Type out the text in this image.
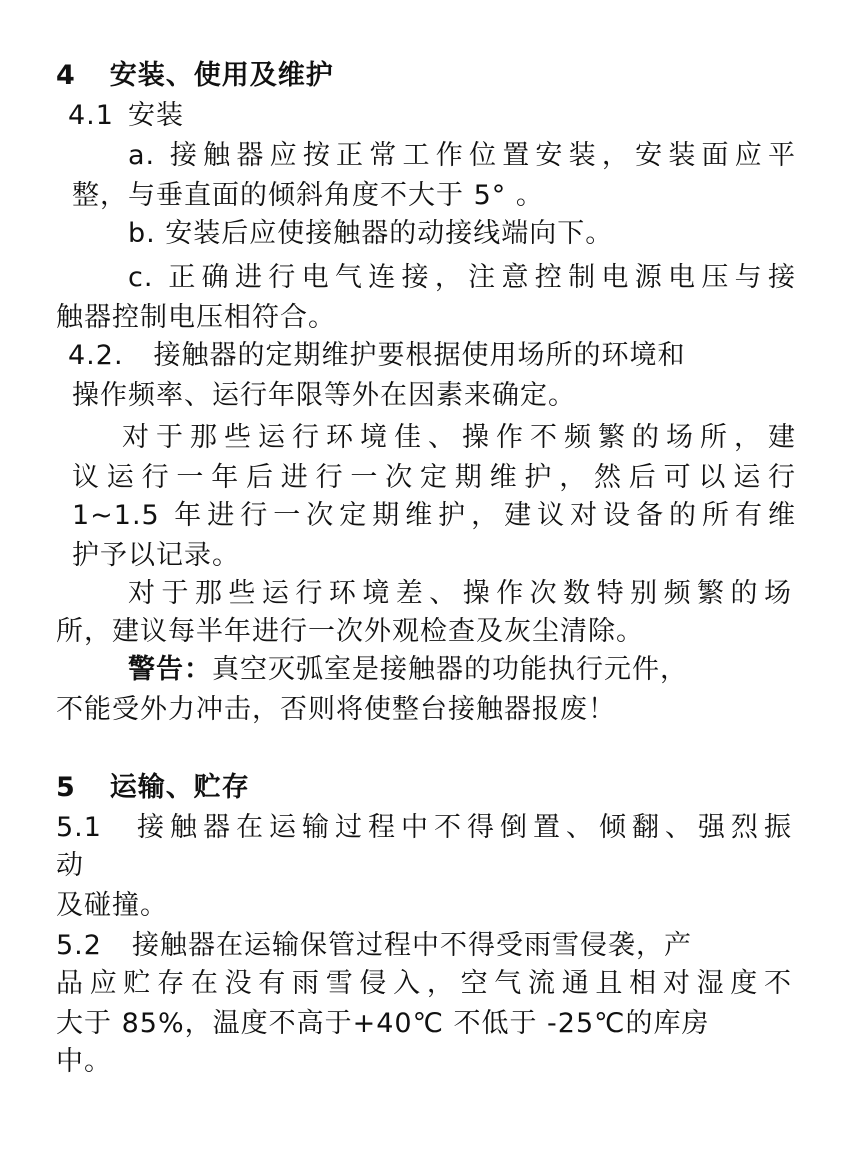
4 安装、使用及维护
4.1 安装
a. 接触器应按正常工作位置安装，安装面应平
整，与垂直面的倾斜角度不大于 5° 。
b. 安装后应使接触器的动接线端向下。
c. 正确进行电气连接，注意控制电源电压与接
触器控制电压相符合。
4.2. 接触器的定期维护要根据使用场所的环境和
操作频率、运行年限等外在因素来确定。
对于那些运行环境佳、操作不频繁的场所，建
议运行一年后进行一次定期维护，然后可以运行
1~1.5 年进行一次定期维护，建议对设备的所有维
护予以记录。
对于那些运行环境差、操作次数特别频繁的场
所，建议每半年进行一次外观检查及灰尘清除。
警告：真空灭弧室是接触器的功能执行元件，
不能受外力冲击，否则将使整台接触器报废！
5 运输、贮存
5.1 接触器在运输过程中不得倒置、倾翻、强烈振
动
及碰撞。
5.2 接触器在运输保管过程中不得受雨雪侵袭，产
品应贮存在没有雨雪侵入，空气流通且相对湿度不
大于 85%，温度不高于+40℃ 不低于 -25℃的库房
中。
